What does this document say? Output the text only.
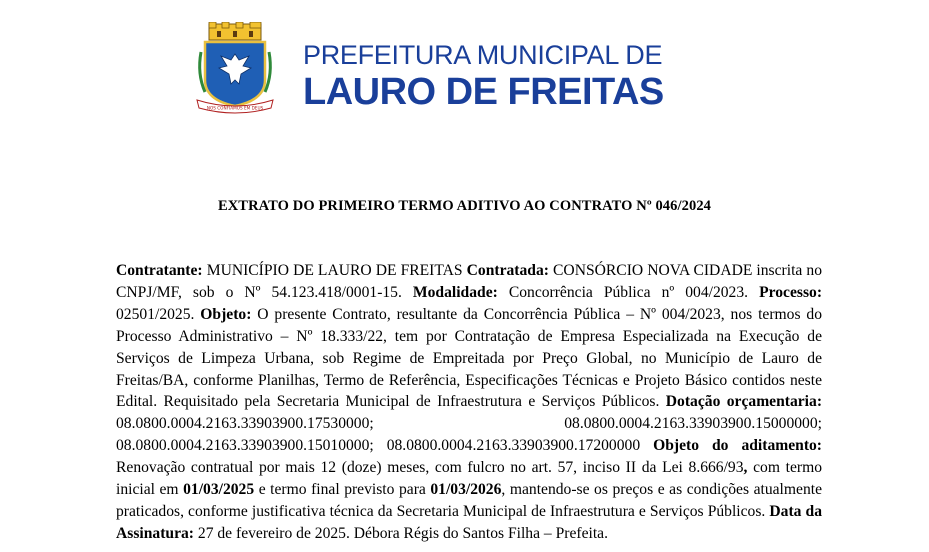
NOS CONFIAMOS EM DEUS
PREFEITURA MUNICIPAL DE
LAURO DE FREITAS
EXTRATO DO PRIMEIRO TERMO ADITIVO AO CONTRATO Nº 046/2024
Contratante: MUNICÍPIO DE LAURO DE FREITAS Contratada: CONSÓRCIO NOVA CIDADE inscrita no CNPJ/MF, sob o Nº 54.123.418/0001-15. Modalidade: Concorrência Pública nº 004/2023. Processo: 02501/2025. Objeto: O presente Contrato, resultante da Concorrência Pública – Nº 004/2023, nos termos do Processo Administrativo – Nº 18.333/22, tem por Contratação de Empresa Especializada na Execução de Serviços de Limpeza Urbana, sob Regime de Empreitada por Preço Global, no Município de Lauro de Freitas/BA, conforme Planilhas, Termo de Referência, Especificações Técnicas e Projeto Básico contidos neste Edital. Requisitado pela Secretaria Municipal de Infraestrutura e Serviços Públicos. Dotação orçamentaria: 08.0800.0004.2163.33903900.17530000; 08.0800.0004.2163.33903900.15000000; 08.0800.0004.2163.33903900.15010000; 08.0800.0004.2163.33903900.17200000 Objeto do aditamento: Renovação contratual por mais 12 (doze) meses, com fulcro no art. 57, inciso II da Lei 8.666/93, com termo inicial em 01/03/2025 e termo final previsto para 01/03/2026, mantendo-se os preços e as condições atualmente praticados, conforme justificativa técnica da Secretaria Municipal de Infraestrutura e Serviços Públicos. Data da Assinatura: 27 de fevereiro de 2025. Débora Régis do Santos Filha – Prefeita.
